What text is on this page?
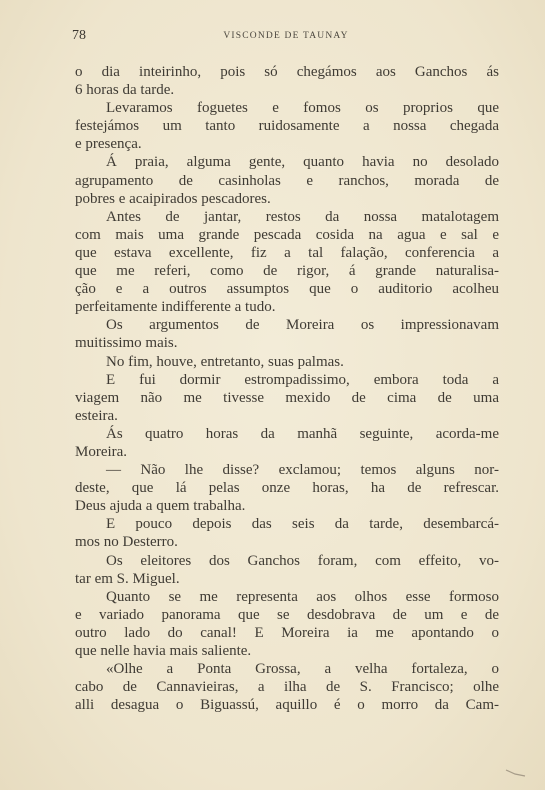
78	VISCONDE DE TAUNAY
o dia inteirinho, pois só chegámos aos Ganchos ás
6 horas da tarde.
Levaramos foguetes e fomos os proprios que
festejámos um tanto ruidosamente a nossa chegada
e presença.
Á praia, alguma gente, quanto havia no desolado
agrupamento de casinholas e ranchos, morada de
pobres e acaipirados pescadores.
Antes de jantar, restos da nossa matalotagem
com mais uma grande pescada cosida na agua e sal e
que estava excellente, fiz a tal falação, conferencia a
que me referi, como de rigor, á grande naturalisa-
ção e a outros assumptos que o auditorio acolheu
perfeitamente indifferente a tudo.
Os argumentos de Moreira os impressionavam
muitissimo mais.
No fim, houve, entretanto, suas palmas.
E fui dormir estrompadissimo, embora toda a
viagem não me tivesse mexido de cima de uma
esteira.
Ás quatro horas da manhã seguinte, acorda-me
Moreira.
— Não lhe disse? exclamou; temos alguns nor-
deste, que lá pelas onze horas, ha de refrescar.
Deus ajuda a quem trabalha.
E pouco depois das seis da tarde, desembarcá-
mos no Desterro.
Os eleitores dos Ganchos foram, com effeito, vo-
tar em S. Miguel.
Quanto se me representa aos olhos esse formoso
e variado panorama que se desdobrava de um e de
outro lado do canal! E Moreira ia me apontando o
que nelle havia mais saliente.
«Olhe a Ponta Grossa, a velha fortaleza, o
cabo de Cannavieiras, a ilha de S. Francisco; olhe
alli desagua o Biguassú, aquillo é o morro da Cam-
